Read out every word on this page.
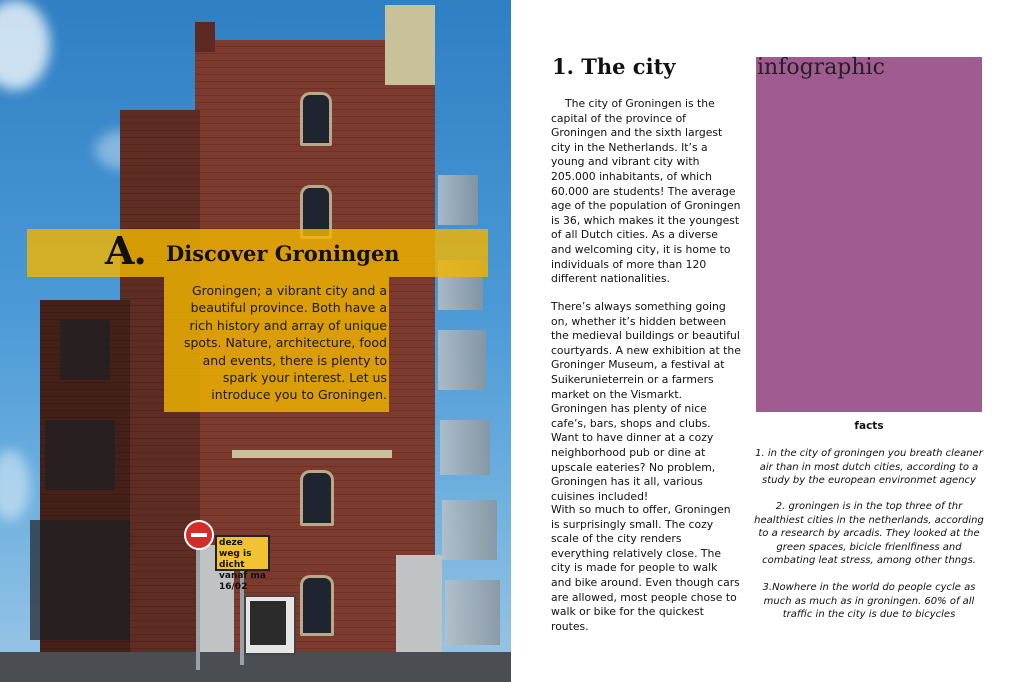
deze weg is dicht vanaf ma 16/02
A. Discover Groningen
Groningen; a vibrant city and a beautiful province. Both have a rich history and array of unique spots. Nature, architecture, food and events, there is plenty to spark your interest. Let us introduce you to Groningen.
1. The city
The city of Groningen is the capital of the province of Groningen and the sixth largest city in the Netherlands. It’s a young and vibrant city with 205.000 inhabitants, of which 60.000 are students! The average age of the population of Groningen is 36, which makes it the youngest of all Dutch cities. As a diverse and welcoming city, it is home to individuals of more than 120 different nationalities.
There’s always something going on, whether it’s hidden between the medieval buildings or beautiful courtyards. A new exhibition at the Groninger Museum, a festival at Suikerunieterrein or a farmers market on the Vismarkt. Groningen has plenty of nice cafe’s, bars, shops and clubs. Want to have dinner at a cozy neighborhood pub or dine at upscale eateries? No problem, Groningen has it all, various cuisines included!
With so much to offer, Groningen is surprisingly small. The cozy scale of the city renders everything relatively close. The city is made for people to walk and bike around. Even though cars are allowed, most people chose to walk or bike for the quickest routes.
infographic
facts
1. in the city of groningen you breath cleaner air than in most dutch cities, according to a study by the european environmet agency
2. groningen is in the top three of thr healthiest cities in the netherlands, according to a research by arcadis. They looked at the green spaces, bicicle frienlfiness and combating leat stress, among other thngs.
3.Nowhere in the world do people cycle as much as much as in groningen. 60% of all traffic in the city is due to bicycles
